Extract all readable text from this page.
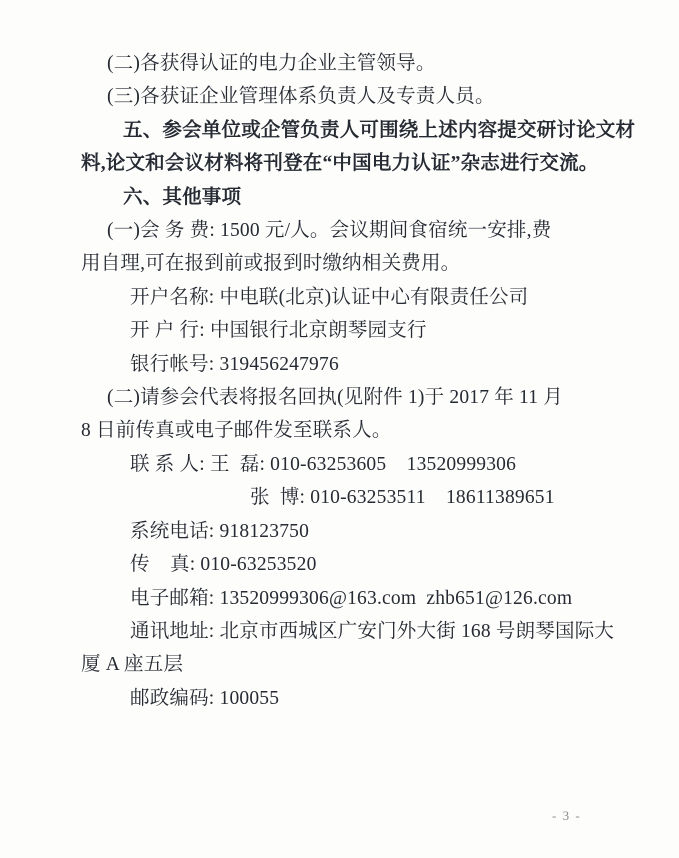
(二)各获得认证的电力企业主管领导。

(三)各获证企业管理体系负责人及专责人员。

五、参会单位或企管负责人可围绕上述内容提交研讨论文材

料,论文和会议材料将刊登在“中国电力认证”杂志进行交流。

六、其他事项

(一)会 务 费: 1500 元/人。会议期间食宿统一安排,费

用自理,可在报到前或报到时缴纳相关费用。

开户名称: 中电联(北京)认证中心有限责任公司

开 户 行: 中国银行北京朗琴园支行

银行帐号: 319456247976

(二)请参会代表将报名回执(见附件 1)于 2017 年 11 月

8 日前传真或电子邮件发至联系人。

联 系 人: 王  磊: 010-63253605    13520999306

张  博: 010-63253511    18611389651

系统电话: 918123750

传    真: 010-63253520

电子邮箱: 13520999306@163.com  zhb651@126.com

通讯地址: 北京市西城区广安门外大街 168 号朗琴国际大

厦 A 座五层

邮政编码: 100055

- 3 -
